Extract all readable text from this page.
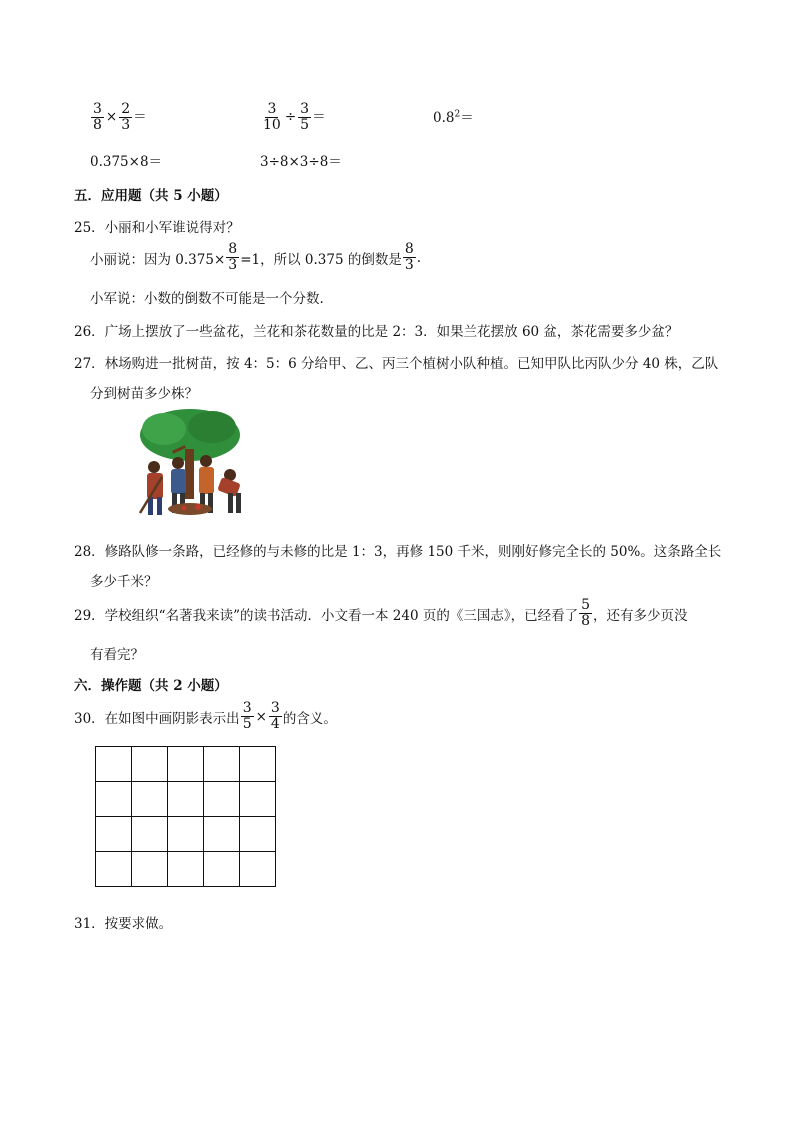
$\frac{3}{8} \times \frac{2}{3}$ ＝	$\frac{3}{10} \div \frac{3}{5}$ ＝	$0.8^2=$
0.375×8＝	3÷8×3÷8＝
五．应用题（共 5 小题）
25．小丽和小军谁说得对？
小丽说：因为 $0.375\times \frac{8}{3} =1$，所以 0.375 的倒数是 $\frac{8}{3}$ .
小军说：小数的倒数不可能是一个分数.
26．广场上摆放了一些盆花，兰花和茶花数量的比是 2：3．如果兰花摆放 60 盆，茶花需要多少盆？
27．林场购进一批树苗，按 4：5：6 分给甲、乙、丙三个植树小队种植。已知甲队比丙队少分 40 株，乙队
分到树苗多少株？
28．修路队修一条路，已经修的与未修的比是 1：3，再修 150 千米，则刚好修完全长的 50%。这条路全长
多少千米？
29．学校组织“名著我来读”的读书活动．小文看一本 240 页的《三国志》，已经看了 $\frac{5}{8}$ ，还有多少页没
有看完？
六．操作题（共 2 小题）
30．在如图中画阴影表示出 $\frac{3}{5} \times \frac{3}{4}$ 的含义。

31．按要求做。
